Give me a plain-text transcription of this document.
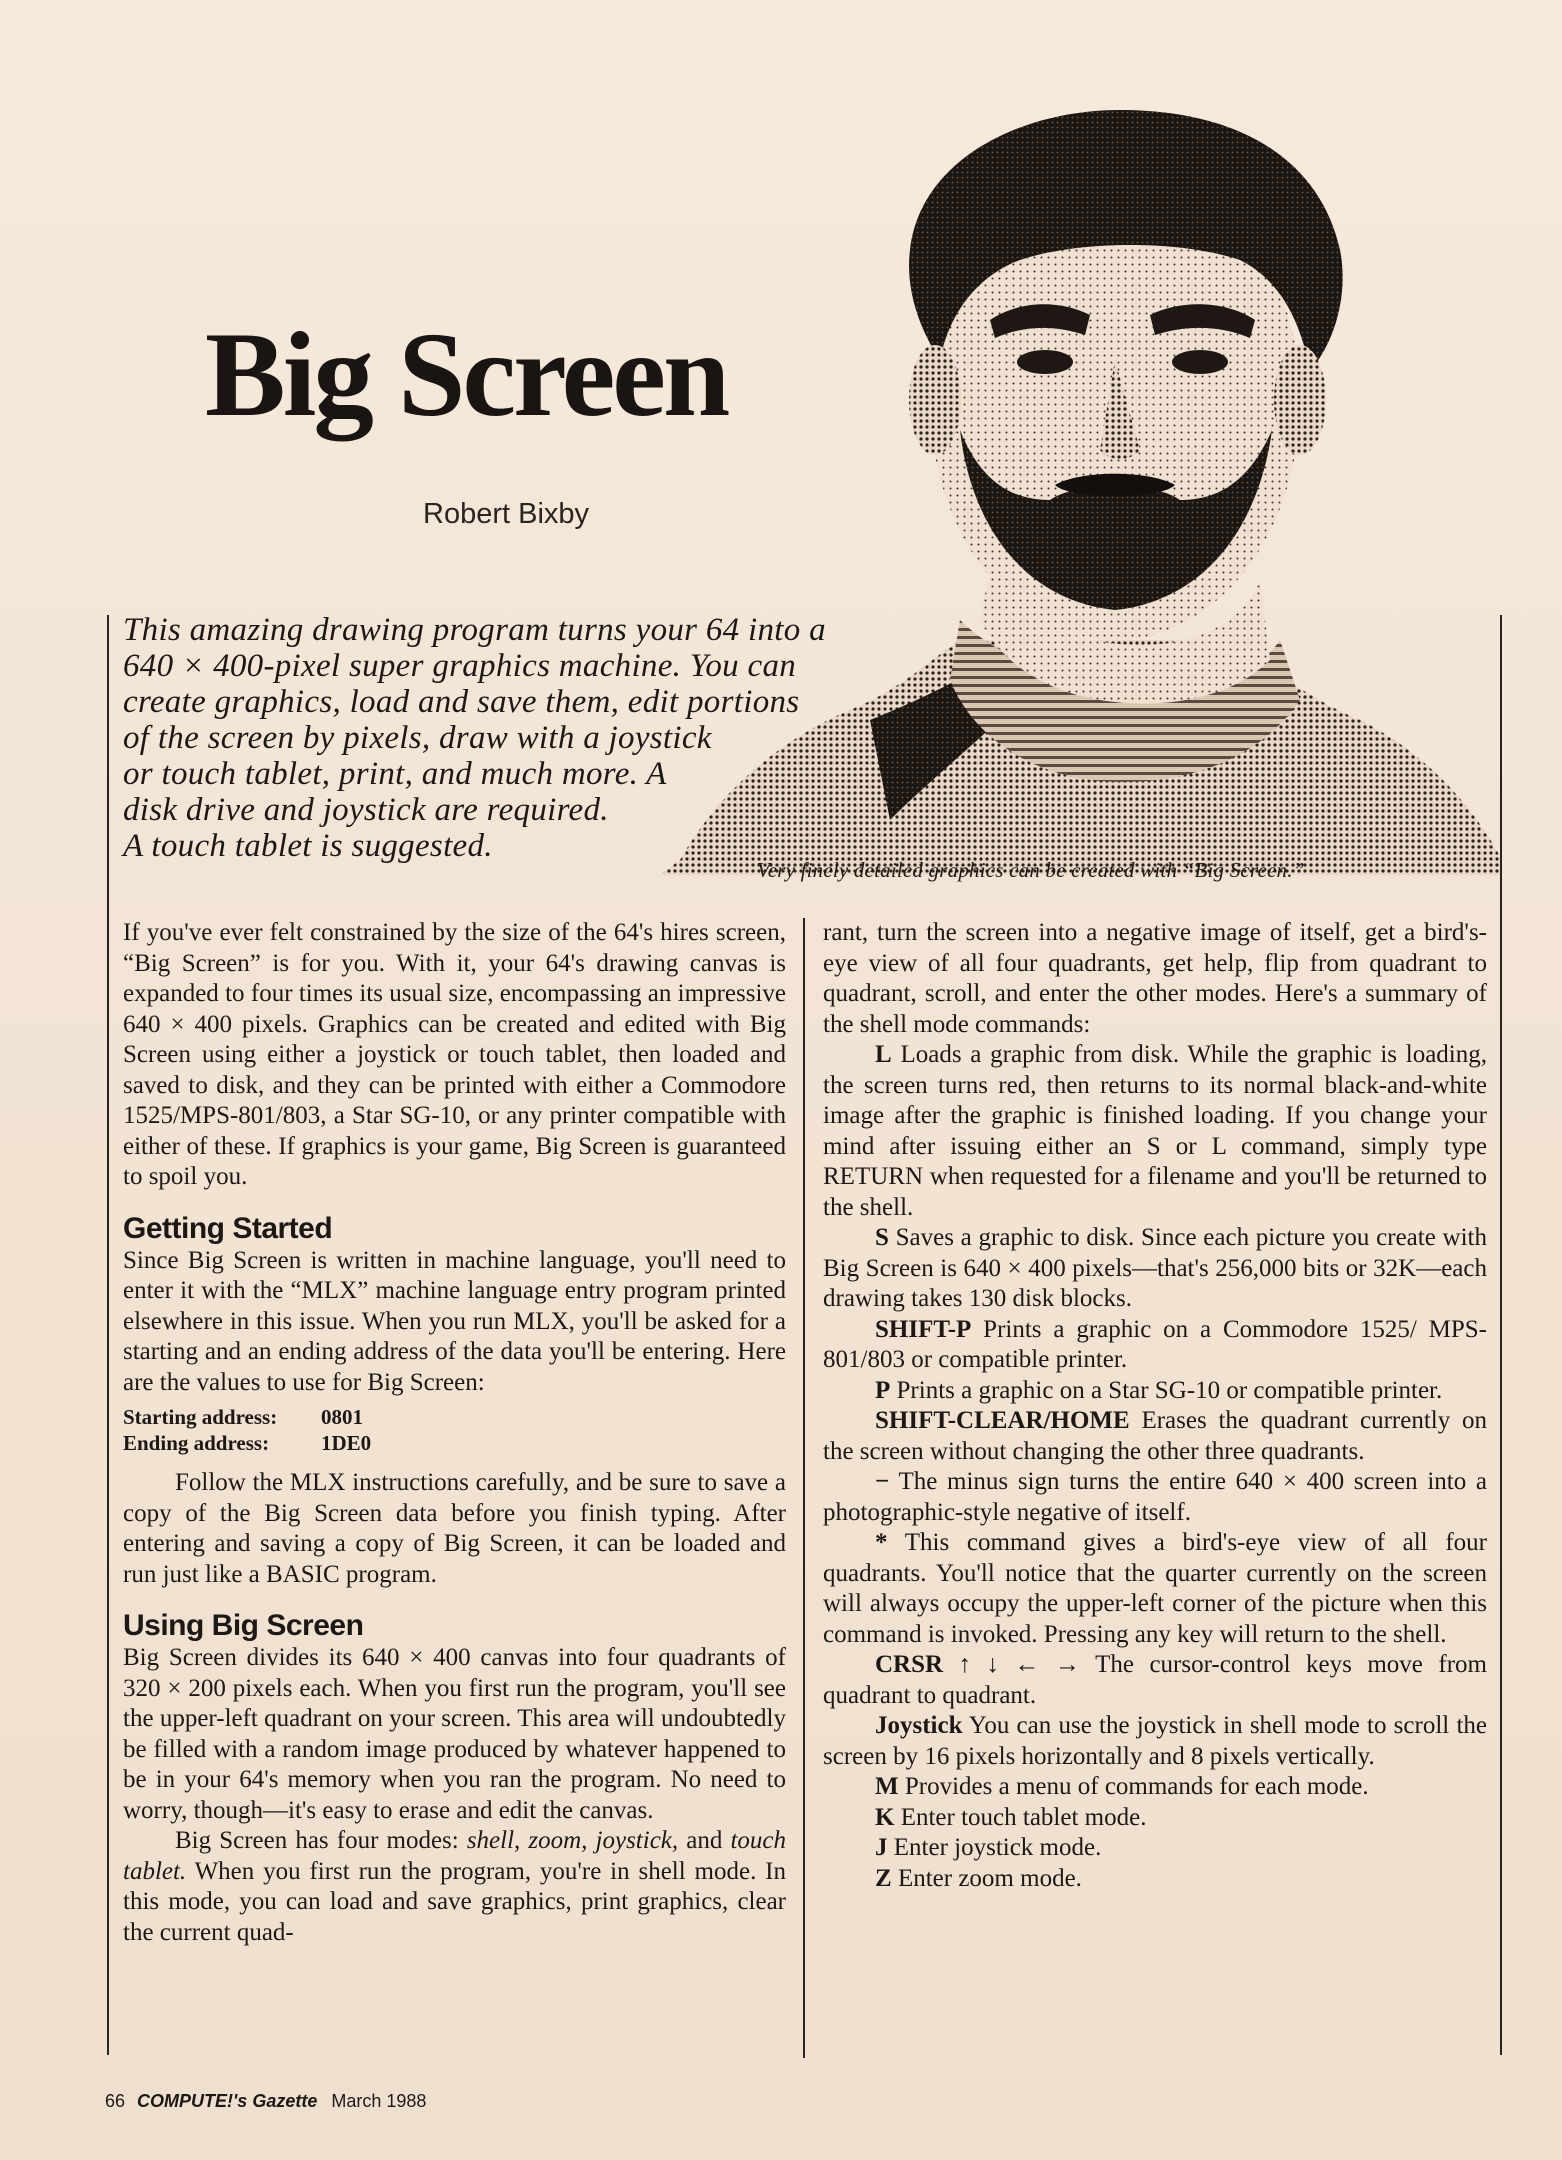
Big Screen

Robert Bixby

This amazing drawing program turns your 64 into a
640 × 400-pixel super graphics machine. You can
create graphics, load and save them, edit portions
of the screen by pixels, draw with a joystick
or touch tablet, print, and much more. A
disk drive and joystick are required.
A touch tablet is suggested.

Very finely detailed graphics can be created with “Big Screen.”

If you've ever felt constrained by the size of the 64's hires screen, “Big Screen” is for you. With it, your 64's drawing canvas is expanded to four times its usual size, encompassing an impressive 640 × 400 pixels. Graphics can be created and edited with Big Screen using either a joystick or touch tablet, then loaded and saved to disk, and they can be printed with either a Commodore 1525/MPS-801/803, a Star SG-10, or any printer compatible with either of these. If graphics is your game, Big Screen is guaranteed to spoil you.

Getting Started

Since Big Screen is written in machine language, you'll need to enter it with the “MLX” machine language entry program printed elsewhere in this issue. When you run MLX, you'll be asked for a starting and an ending address of the data you'll be entering. Here are the values to use for Big Screen:

Starting address: 0801
Ending address: 1DE0

Follow the MLX instructions carefully, and be sure to save a copy of the Big Screen data before you finish typing. After entering and saving a copy of Big Screen, it can be loaded and run just like a BASIC program.

Using Big Screen

Big Screen divides its 640 × 400 canvas into four quadrants of 320 × 200 pixels each. When you first run the program, you'll see the upper-left quadrant on your screen. This area will undoubtedly be filled with a random image produced by whatever happened to be in your 64's memory when you ran the program. No need to worry, though—it's easy to erase and edit the canvas.

Big Screen has four modes: shell, zoom, joystick, and touch tablet. When you first run the program, you're in shell mode. In this mode, you can load and save graphics, print graphics, clear the current quad-

rant, turn the screen into a negative image of itself, get a bird's-eye view of all four quadrants, get help, flip from quadrant to quadrant, scroll, and enter the other modes. Here's a summary of the shell mode commands:

L Loads a graphic from disk. While the graphic is loading, the screen turns red, then returns to its normal black-and-white image after the graphic is finished loading. If you change your mind after issuing either an S or L command, simply type RETURN when requested for a filename and you'll be returned to the shell.

S Saves a graphic to disk. Since each picture you create with Big Screen is 640 × 400 pixels—that's 256,000 bits or 32K—each drawing takes 130 disk blocks.

SHIFT-P Prints a graphic on a Commodore 1525/ MPS-801/803 or compatible printer.

P Prints a graphic on a Star SG-10 or compatible printer.

SHIFT-CLEAR/HOME Erases the quadrant currently on the screen without changing the other three quadrants.

− The minus sign turns the entire 640 × 400 screen into a photographic-style negative of itself.

* This command gives a bird's-eye view of all four quadrants. You'll notice that the quarter currently on the screen will always occupy the upper-left corner of the picture when this command is invoked. Pressing any key will return to the shell.

CRSR ↑ ↓ ← → The cursor-control keys move from quadrant to quadrant.

Joystick You can use the joystick in shell mode to scroll the screen by 16 pixels horizontally and 8 pixels vertically.

M Provides a menu of commands for each mode.

K Enter touch tablet mode.

J Enter joystick mode.

Z Enter zoom mode.

66 COMPUTE!'s Gazette March 1988
